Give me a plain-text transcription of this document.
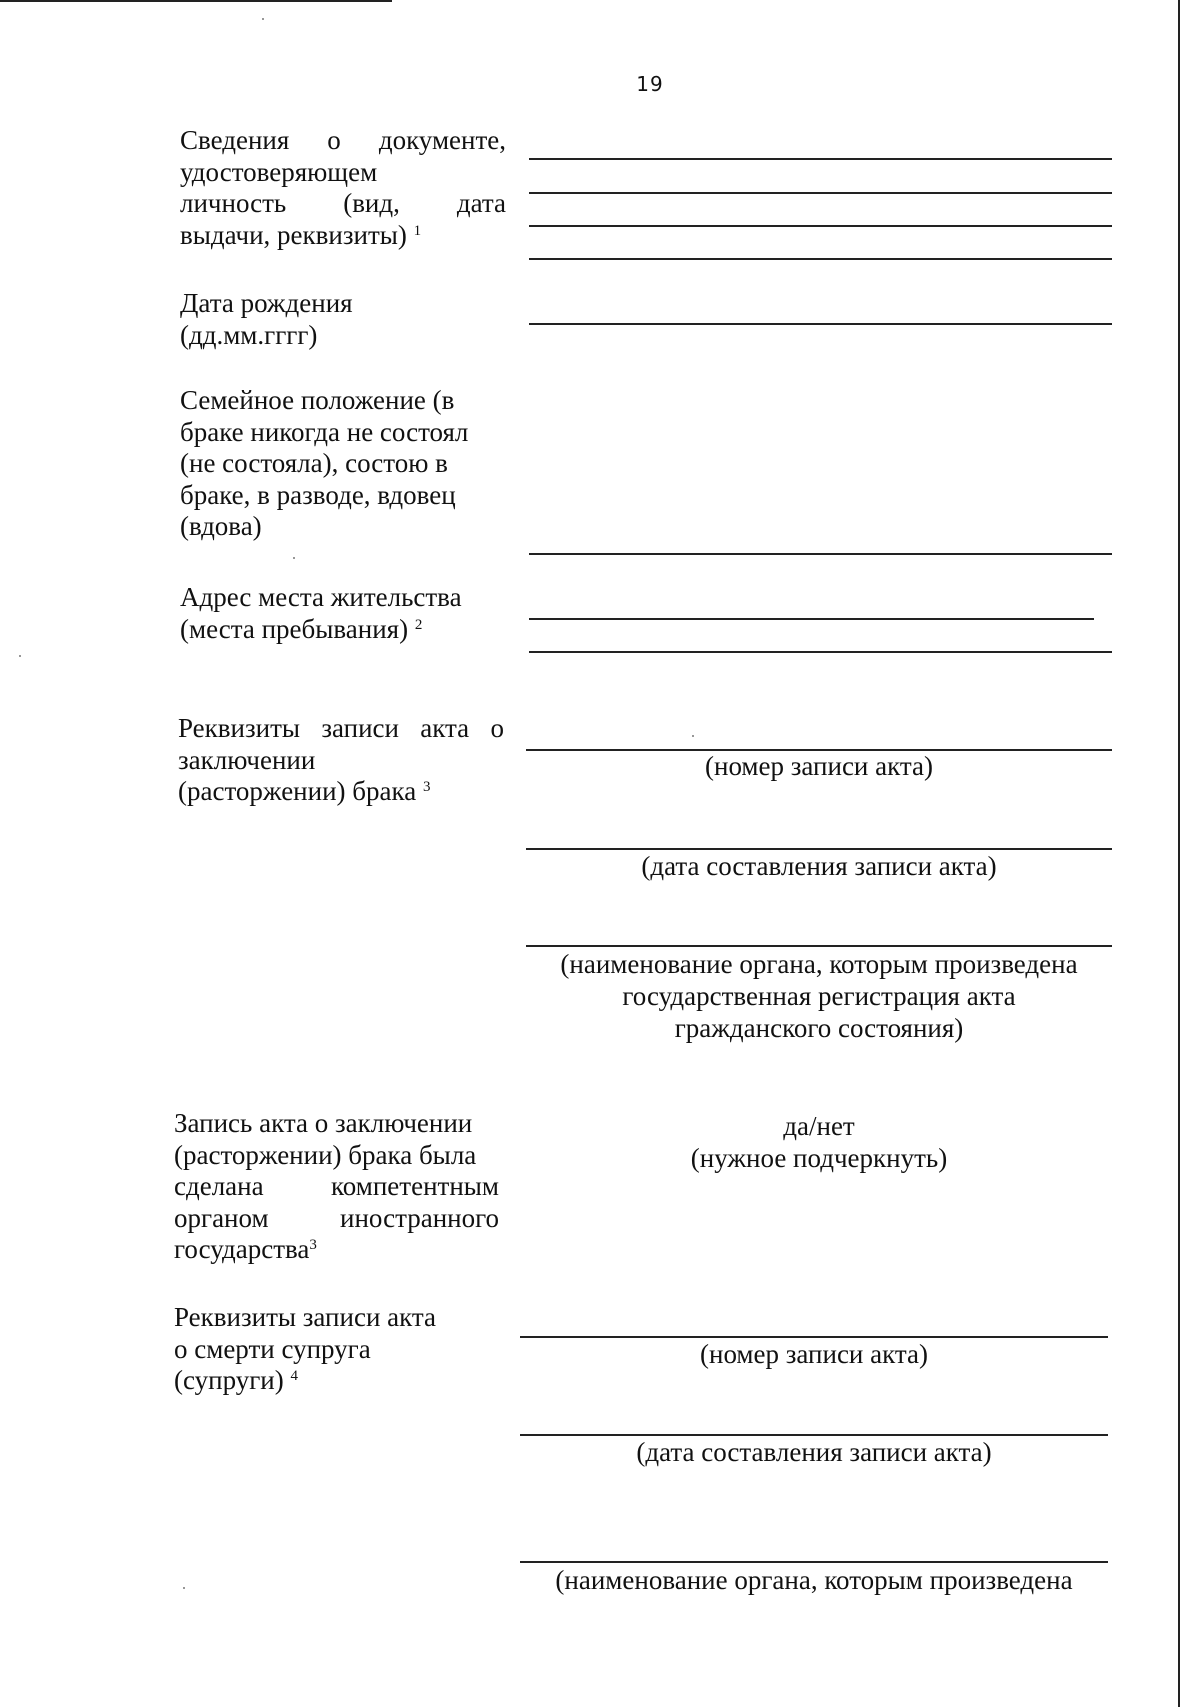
19
Сведения о документе,
удостоверяющем
личность (вид, дата
выдачи, реквизиты) $^1$
Дата рождения
(дд.мм.гггг)
Семейное положение (в
браке никогда не состоял
(не состояла), состою в
браке, в разводе, вдовец
(вдова)
Адрес места жительства
(места пребывания) $^2$
Реквизиты записи акта о
заключении
(расторжении) брака $^3$
(номер записи акта)
(дата составления записи акта)
(наименование органа, которым произведена
государственная регистрация акта
гражданского состояния)
Запись акта о заключении
(расторжении) брака была
сделана компетентным
органом иностранного
государства$^3$
да/нет
(нужное подчеркнуть)
Реквизиты записи акта
о смерти супруга
(супруги) $^4$
(номер записи акта)
(дата составления записи акта)
(наименование органа, которым произведена
